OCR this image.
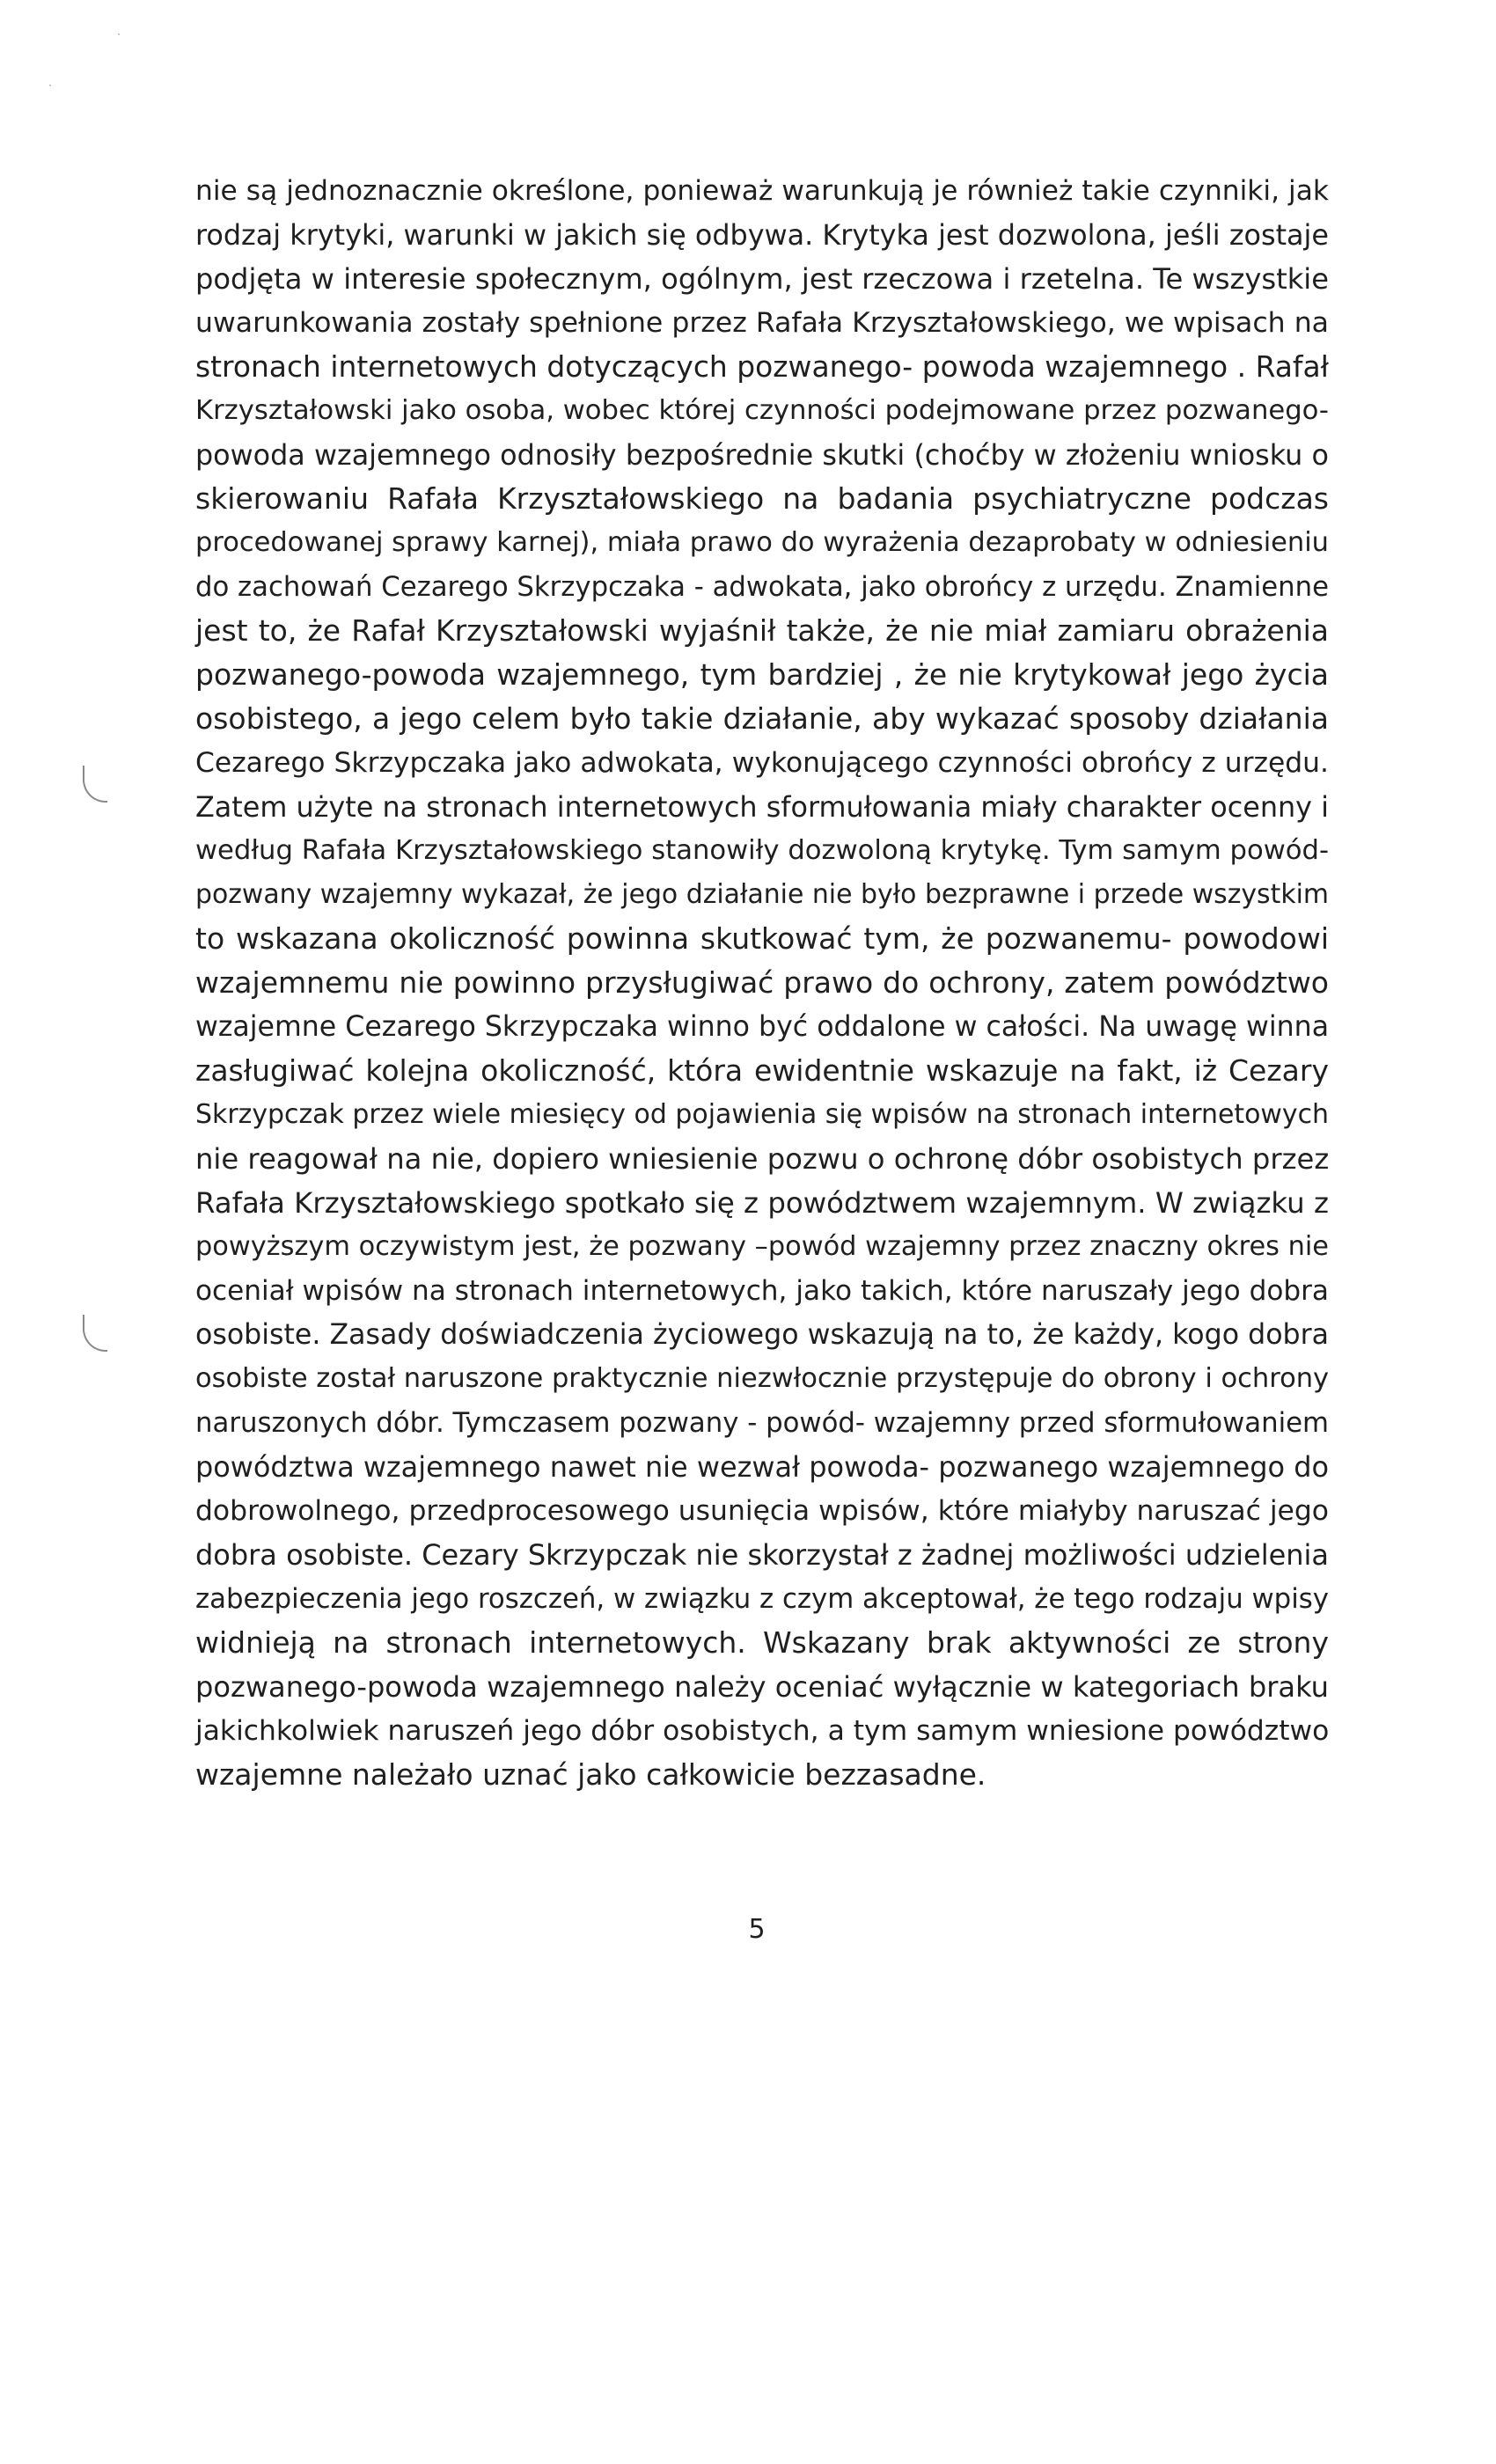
nie są jednoznacznie określone, ponieważ warunkują je również takie czynniki, jak
rodzaj krytyki, warunki w jakich się odbywa. Krytyka jest dozwolona, jeśli zostaje
podjęta w interesie społecznym, ogólnym, jest rzeczowa i rzetelna. Te wszystkie
uwarunkowania zostały spełnione przez Rafała Krzyształowskiego, we wpisach na
stronach internetowych dotyczących pozwanego- powoda wzajemnego . Rafał
Krzyształowski jako osoba, wobec której czynności podejmowane przez pozwanego-
powoda wzajemnego odnosiły bezpośrednie skutki (choćby w złożeniu wniosku o
skierowaniu Rafała Krzyształowskiego na badania psychiatryczne podczas
procedowanej sprawy karnej), miała prawo do wyrażenia dezaprobaty w odniesieniu
do zachowań Cezarego Skrzypczaka - adwokata, jako obrońcy z urzędu. Znamienne
jest to, że Rafał Krzyształowski wyjaśnił także, że nie miał zamiaru obrażenia
pozwanego-powoda wzajemnego, tym bardziej , że nie krytykował jego życia
osobistego, a jego celem było takie działanie, aby wykazać sposoby działania
Cezarego Skrzypczaka jako adwokata, wykonującego czynności obrońcy z urzędu.
Zatem użyte na stronach internetowych sformułowania miały charakter ocenny i
według Rafała Krzyształowskiego stanowiły dozwoloną krytykę. Tym samym powód-
pozwany wzajemny wykazał, że jego działanie nie było bezprawne i przede wszystkim
to wskazana okoliczność powinna skutkować tym, że pozwanemu- powodowi
wzajemnemu nie powinno przysługiwać prawo do ochrony, zatem powództwo
wzajemne Cezarego Skrzypczaka winno być oddalone w całości. Na uwagę winna
zasługiwać kolejna okoliczność, która ewidentnie wskazuje na fakt, iż Cezary
Skrzypczak przez wiele miesięcy od pojawienia się wpisów na stronach internetowych
nie reagował na nie, dopiero wniesienie pozwu o ochronę dóbr osobistych przez
Rafała Krzyształowskiego spotkało się z powództwem wzajemnym. W związku z
powyższym oczywistym jest, że pozwany –powód wzajemny przez znaczny okres nie
oceniał wpisów na stronach internetowych, jako takich, które naruszały jego dobra
osobiste. Zasady doświadczenia życiowego wskazują na to, że każdy, kogo dobra
osobiste został naruszone praktycznie niezwłocznie przystępuje do obrony i ochrony
naruszonych dóbr. Tymczasem pozwany - powód- wzajemny przed sformułowaniem
powództwa wzajemnego nawet nie wezwał powoda- pozwanego wzajemnego do
dobrowolnego, przedprocesowego usunięcia wpisów, które miałyby naruszać jego
dobra osobiste. Cezary Skrzypczak nie skorzystał z żadnej możliwości udzielenia
zabezpieczenia jego roszczeń, w związku z czym akceptował, że tego rodzaju wpisy
widnieją na stronach internetowych. Wskazany brak aktywności ze strony
pozwanego-powoda wzajemnego należy oceniać wyłącznie w kategoriach braku
jakichkolwiek naruszeń jego dóbr osobistych, a tym samym wniesione powództwo
wzajemne należało uznać jako całkowicie bezzasadne.
5
